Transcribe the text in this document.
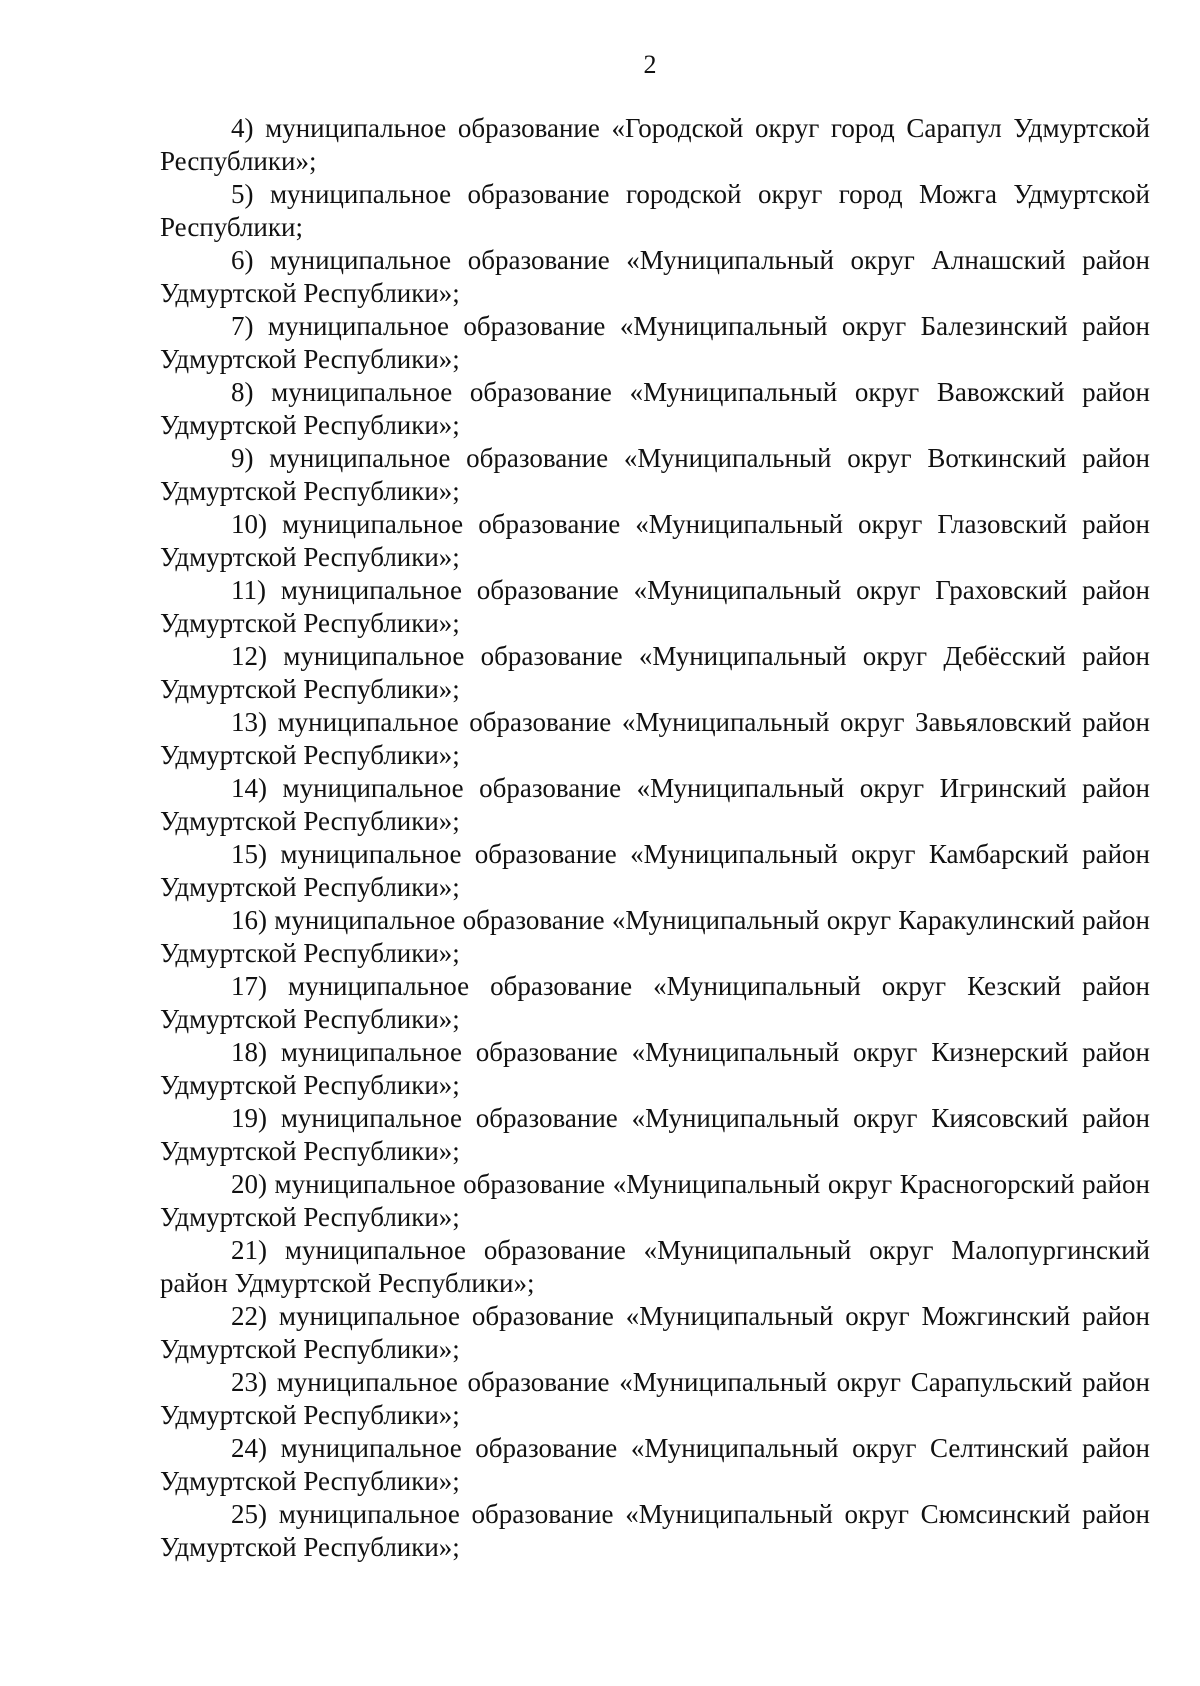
2

4) муниципальное образование «Городской округ город Сарапул Удмуртской Республики»;

5) муниципальное образование городской округ город Можга Удмуртской Республики;

6) муниципальное образование «Муниципальный округ Алнашский район Удмуртской Республики»;

7) муниципальное образование «Муниципальный округ Балезинский район Удмуртской Республики»;

8) муниципальное образование «Муниципальный округ Вавожский район Удмуртской Республики»;

9) муниципальное образование «Муниципальный округ Воткинский район Удмуртской Республики»;

10) муниципальное образование «Муниципальный округ Глазовский район Удмуртской Республики»;

11) муниципальное образование «Муниципальный округ Граховский район Удмуртской Республики»;

12) муниципальное образование «Муниципальный округ Дебёсский район Удмуртской Республики»;

13) муниципальное образование «Муниципальный округ Завьяловский район Удмуртской Республики»;

14) муниципальное образование «Муниципальный округ Игринский район Удмуртской Республики»;

15) муниципальное образование «Муниципальный округ Камбарский район Удмуртской Республики»;

16) муниципальное образование «Муниципальный округ Каракулинский район Удмуртской Республики»;

17) муниципальное образование «Муниципальный округ Кезский район Удмуртской Республики»;

18) муниципальное образование «Муниципальный округ Кизнерский район Удмуртской Республики»;

19) муниципальное образование «Муниципальный округ Киясовский район Удмуртской Республики»;

20) муниципальное образование «Муниципальный округ Красногорский район Удмуртской Республики»;

21) муниципальное образование «Муниципальный округ Малопургинский район Удмуртской Республики»;

22) муниципальное образование «Муниципальный округ Можгинский район Удмуртской Республики»;

23) муниципальное образование «Муниципальный округ Сарапульский район Удмуртской Республики»;

24) муниципальное образование «Муниципальный округ Селтинский район Удмуртской Республики»;

25) муниципальное образование «Муниципальный округ Сюмсинский район Удмуртской Республики»;
